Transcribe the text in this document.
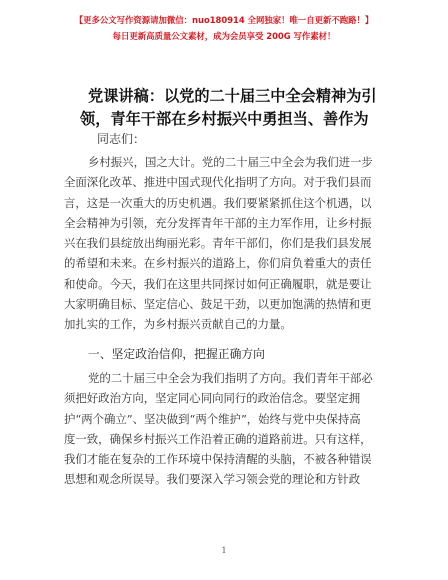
【更多公文写作资源请加微信：nuo180914 全网独家！唯一自更新不跑路！】
每日更新高质量公文素材，成为会员享受 200G 写作素材！
党课讲稿：以党的二十届三中全会精神为引
领，青年干部在乡村振兴中勇担当、善作为
同志们：
乡村振兴，国之大计。党的二十届三中全会为我们进一步
全面深化改革、推进中国式现代化指明了方向。对于我们县而
言，这是一次重大的历史机遇。我们要紧紧抓住这个机遇，以
全会精神为引领，充分发挥青年干部的主力军作用，让乡村振
兴在我们县绽放出绚丽光彩。青年干部们，你们是我们县发展
的希望和未来。在乡村振兴的道路上，你们肩负着重大的责任
和使命。今天，我们在这里共同探讨如何正确履职，就是要让
大家明确目标、坚定信心、鼓足干劲，以更加饱满的热情和更
加扎实的工作，为乡村振兴贡献自己的力量。
一、坚定政治信仰，把握正确方向
党的二十届三中全会为我们指明了方向。我们青年干部必
须把好政治方向，坚定同心同向同行的政治信念。要坚定拥
护“两个确立”、坚决做到“两个维护”，始终与党中央保持高
度一致，确保乡村振兴工作沿着正确的道路前进。只有这样，
我们才能在复杂的工作环境中保持清醒的头脑，不被各种错误
思想和观念所误导。我们要深入学习领会党的理论和方针政
1
